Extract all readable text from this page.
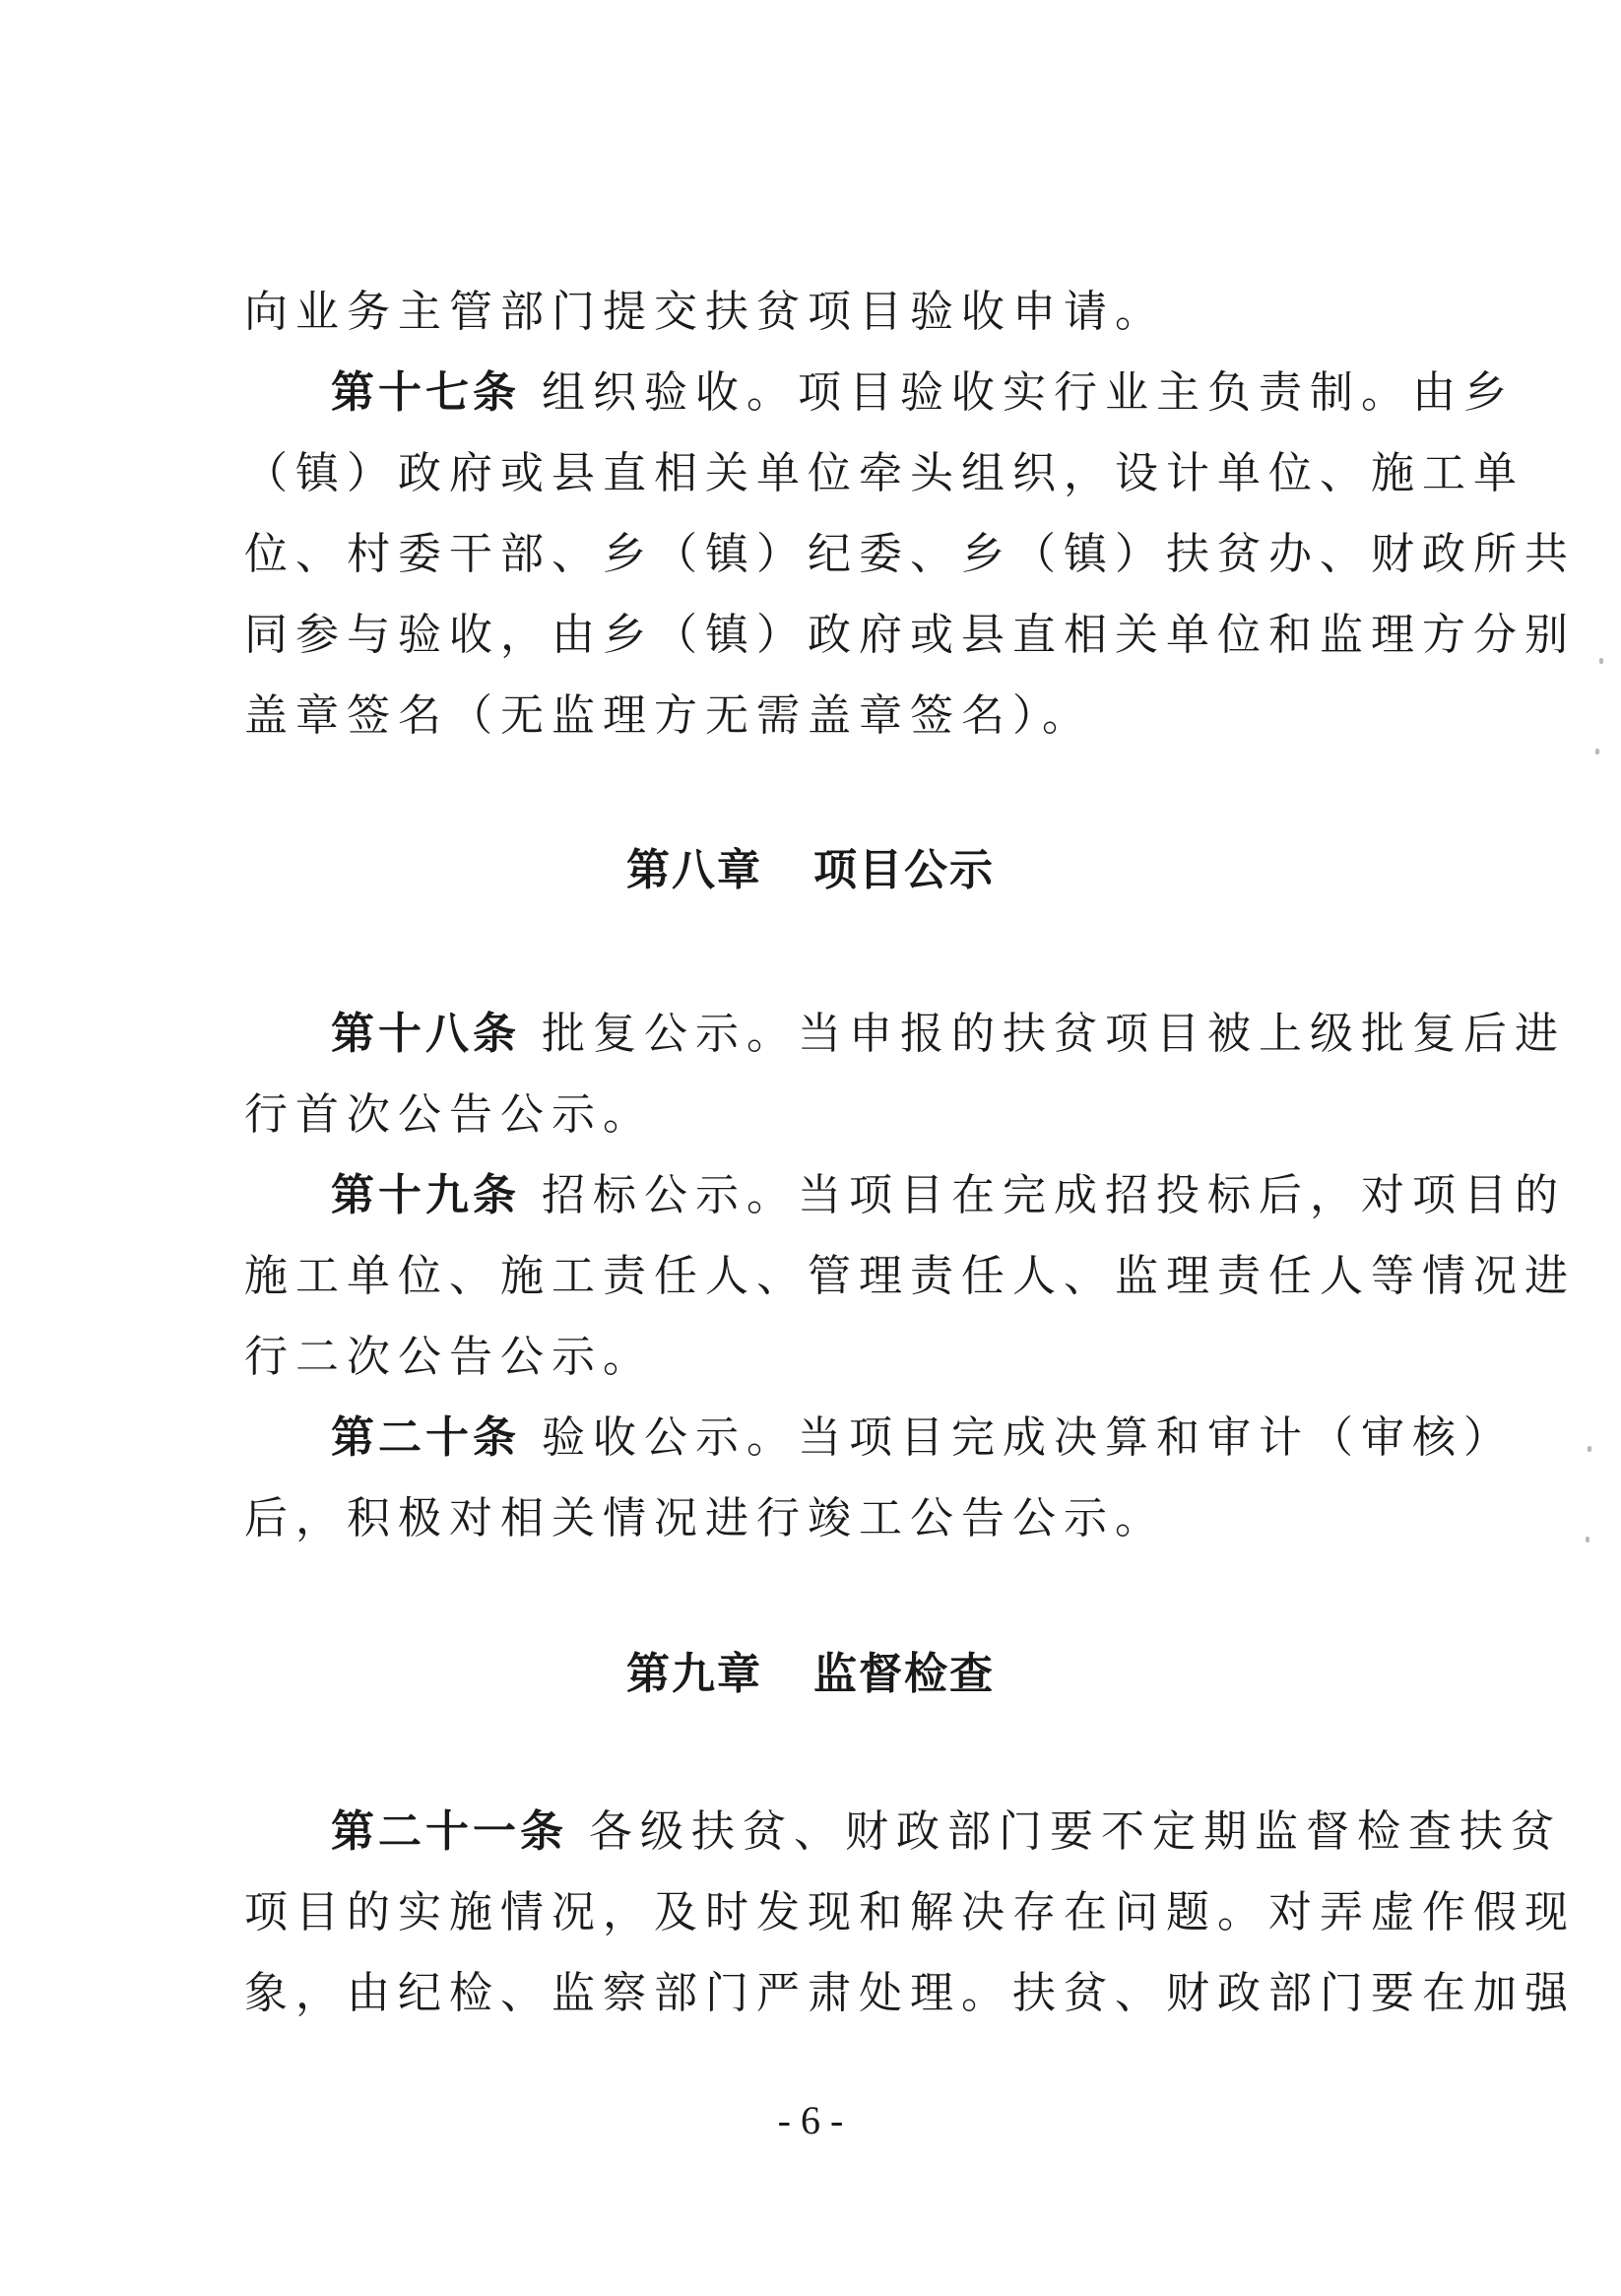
向业务主管部门提交扶贫项目验收申请。
第十七条 组织验收。项目验收实行业主负责制。由乡
（镇）政府或县直相关单位牵头组织，设计单位、施工单
位、村委干部、乡（镇）纪委、乡（镇）扶贫办、财政所共
同参与验收，由乡（镇）政府或县直相关单位和监理方分别
盖章签名（无监理方无需盖章签名）。
第八章 项目公示
第十八条 批复公示。当申报的扶贫项目被上级批复后进
行首次公告公示。
第十九条 招标公示。当项目在完成招投标后，对项目的
施工单位、施工责任人、管理责任人、监理责任人等情况进
行二次公告公示。
第二十条 验收公示。当项目完成决算和审计（审核）
后，积极对相关情况进行竣工公告公示。
第九章 监督检查
第二十一条 各级扶贫、财政部门要不定期监督检查扶贫
项目的实施情况，及时发现和解决存在问题。对弄虚作假现
象，由纪检、监察部门严肃处理。扶贫、财政部门要在加强
- 6 -
